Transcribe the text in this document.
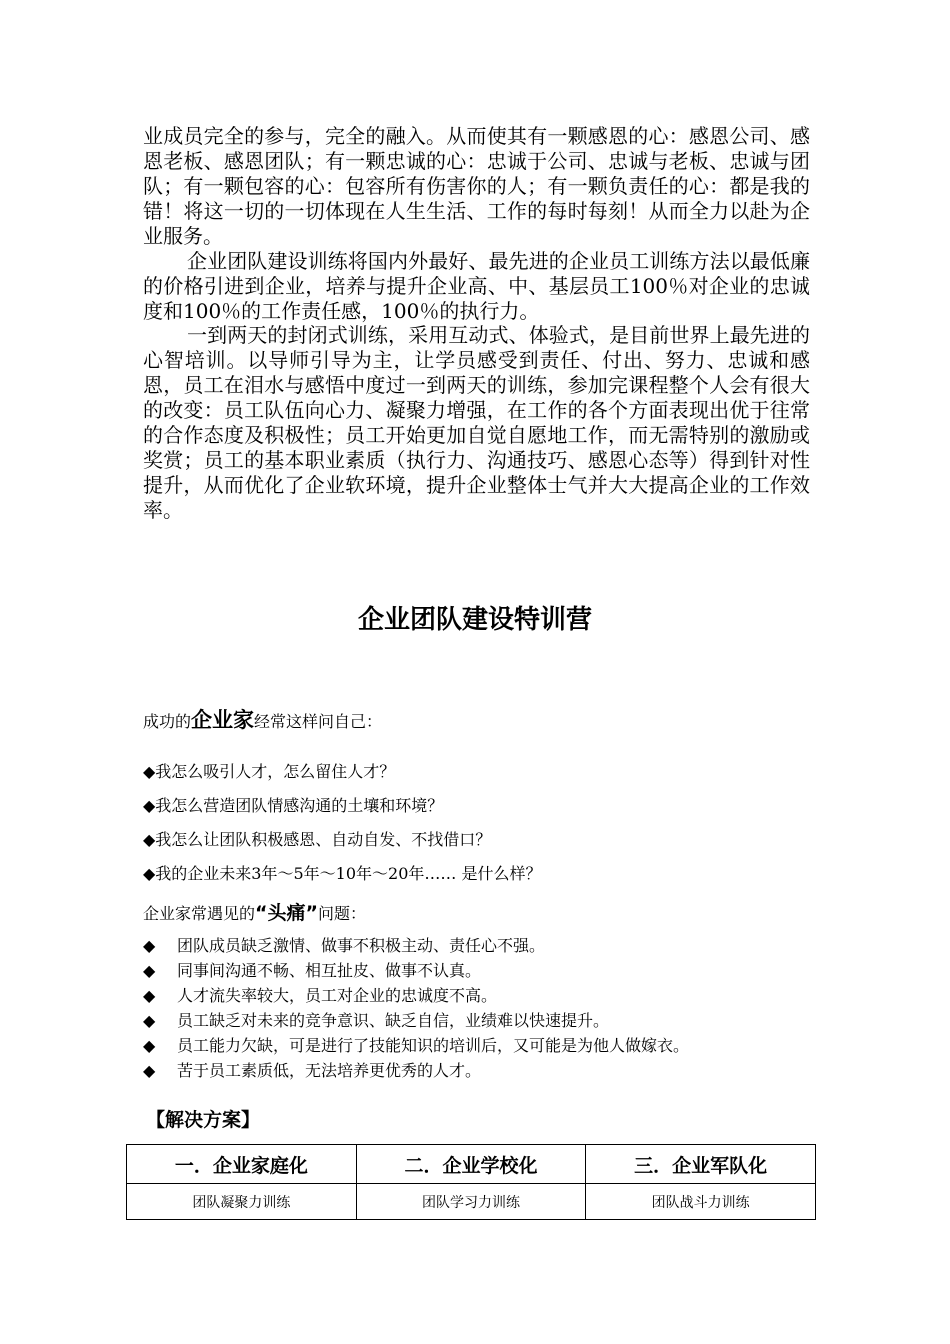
业成员完全的参与，完全的融入。从而使其有一颗感恩的心：感恩公司、感恩老板、感恩团队；有一颗忠诚的心：忠诚于公司、忠诚与老板、忠诚与团队；有一颗包容的心：包容所有伤害你的人；有一颗负责任的心：都是我的错！将这一切的一切体现在人生生活、工作的每时每刻！从而全力以赴为企业服务。

企业团队建设训练将国内外最好、最先进的企业员工训练方法以最低廉的价格引进到企业，培养与提升企业高、中、基层员工100％对企业的忠诚度和100％的工作责任感，100％的执行力。

一到两天的封闭式训练，采用互动式、体验式，是目前世界上最先进的心智培训。以导师引导为主，让学员感受到责任、付出、努力、忠诚和感恩，员工在泪水与感悟中度过一到两天的训练，参加完课程整个人会有很大的改变：员工队伍向心力、凝聚力增强，在工作的各个方面表现出优于往常的合作态度及积极性；员工开始更加自觉自愿地工作，而无需特别的激励或奖赏；员工的基本职业素质（执行力、沟通技巧、感恩心态等）得到针对性提升，从而优化了企业软环境，提升企业整体士气并大大提高企业的工作效率。

企业团队建设特训营
成功的企业家经常这样问自己：
◆我怎么吸引人才，怎么留住人才？
◆我怎么营造团队情感沟通的土壤和环境？
◆我怎么让团队积极感恩、自动自发、不找借口？
◆我的企业未来3年～5年～10年～20年…… 是什么样？
企业家常遇见的“头痛”问题：
◆ 团队成员缺乏激情、做事不积极主动、责任心不强。
◆ 同事间沟通不畅、相互扯皮、做事不认真。
◆ 人才流失率较大，员工对企业的忠诚度不高。
◆ 员工缺乏对未来的竞争意识、缺乏自信，业绩难以快速提升。
◆ 员工能力欠缺，可是进行了技能知识的培训后，又可能是为他人做嫁衣。
◆ 苦于员工素质低，无法培养更优秀的人才。
【解决方案】
一．企业家庭化	二．企业学校化	三．企业军队化
团队凝聚力训练	团队学习力训练	团队战斗力训练
